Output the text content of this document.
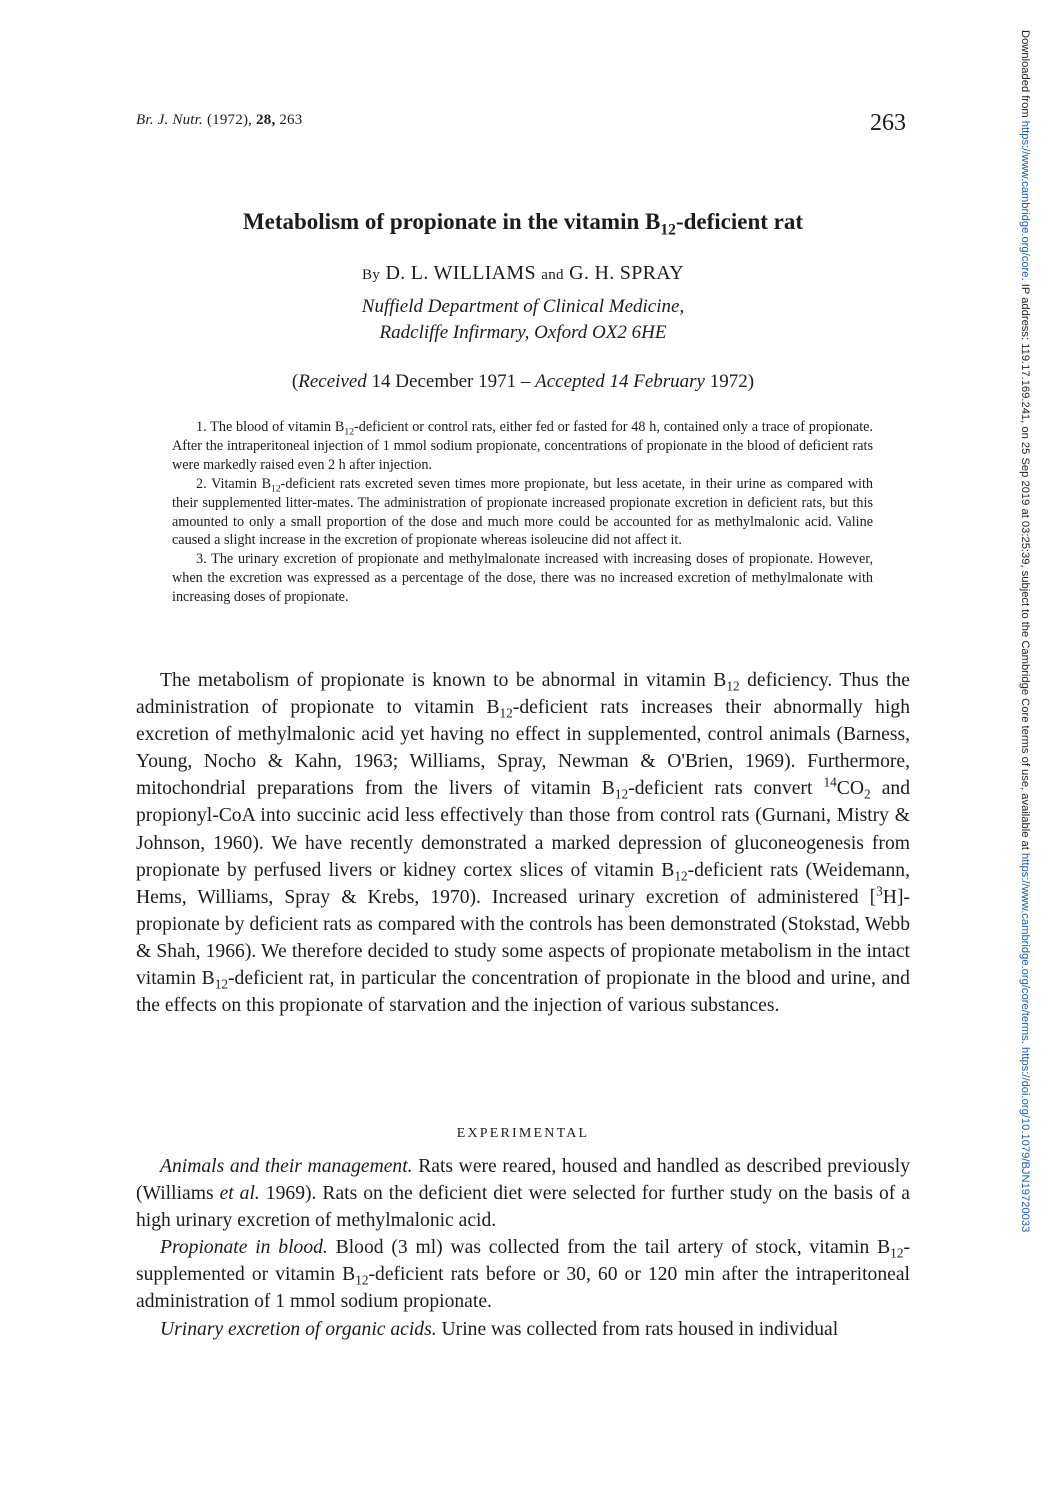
Br. J. Nutr. (1972), 28, 263	263
Metabolism of propionate in the vitamin $B_{12}$-deficient rat
By D. L. WILLIAMS and G. H. SPRAY
Nuffield Department of Clinical Medicine,
Radcliffe Infirmary, Oxford OX2 6HE
(Received 14 December 1971 – Accepted 14 February 1972)

1. The blood of vitamin $B_{12}$-deficient or control rats, either fed or fasted for 48 h, contained only a trace of propionate. After the intraperitoneal injection of 1 mmol sodium propionate, concentrations of propionate in the blood of deficient rats were markedly raised even 2 h after injection.

2. Vitamin $B_{12}$-deficient rats excreted seven times more propionate, but less acetate, in their urine as compared with their supplemented litter-mates. The administration of propionate increased propionate excretion in deficient rats, but this amounted to only a small proportion of the dose and much more could be accounted for as methylmalonic acid. Valine caused a slight increase in the excretion of propionate whereas isoleucine did not affect it.

3. The urinary excretion of propionate and methylmalonate increased with increasing doses of propionate. However, when the excretion was expressed as a percentage of the dose, there was no increased excretion of methylmalonate with increasing doses of propionate.

The metabolism of propionate is known to be abnormal in vitamin $B_{12}$ deficiency. Thus the administration of propionate to vitamin $B_{12}$-deficient rats increases their abnormally high excretion of methylmalonic acid yet having no effect in supplemented, control animals (Barness, Young, Nocho & Kahn, 1963; Williams, Spray, Newman & O'Brien, 1969). Furthermore, mitochondrial preparations from the livers of vitamin $B_{12}$-deficient rats convert $^{14}CO_2$ and propionyl-CoA into succinic acid less effectively than those from control rats (Gurnani, Mistry & Johnson, 1960). We have recently demonstrated a marked depression of gluconeogenesis from propionate by perfused livers or kidney cortex slices of vitamin $B_{12}$-deficient rats (Weidemann, Hems, Williams, Spray & Krebs, 1970). Increased urinary excretion of administered [$^3$H]-propionate by deficient rats as compared with the controls has been demonstrated (Stokstad, Webb & Shah, 1966). We therefore decided to study some aspects of propionate metabolism in the intact vitamin $B_{12}$-deficient rat, in particular the concentration of propionate in the blood and urine, and the effects on this propionate of starvation and the injection of various substances.

EXPERIMENTAL

Animals and their management. Rats were reared, housed and handled as described previously (Williams et al. 1969). Rats on the deficient diet were selected for further study on the basis of a high urinary excretion of methylmalonic acid.

Propionate in blood. Blood (3 ml) was collected from the tail artery of stock, vitamin $B_{12}$-supplemented or vitamin $B_{12}$-deficient rats before or 30, 60 or 120 min after the intraperitoneal administration of 1 mmol sodium propionate.

Urinary excretion of organic acids. Urine was collected from rats housed in individual

Downloaded from https://www.cambridge.org/core. IP address: 119.17.169.241, on 25 Sep 2019 at 03:25:39, subject to the Cambridge Core terms of use, available at https://www.cambridge.org/core/terms. https://doi.org/10.1079/BJN19720033
